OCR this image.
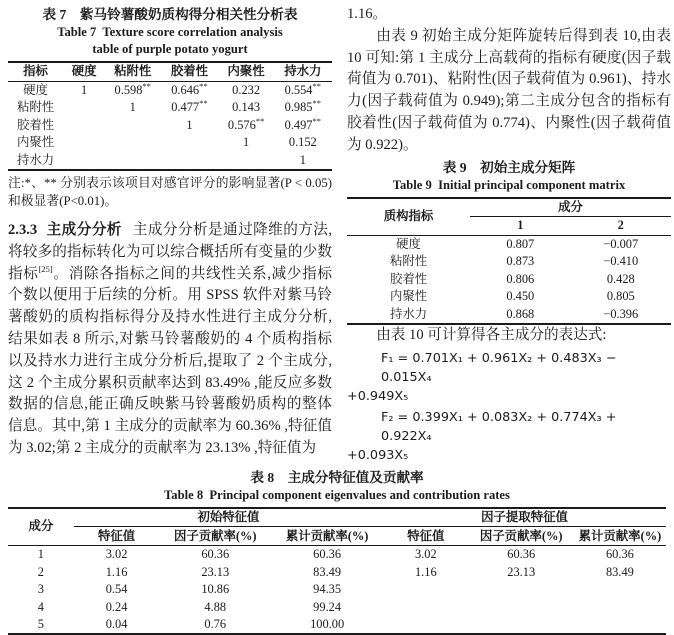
表 7　紫马铃薯酸奶质构得分相关性分析表
Table 7  Texture score correlation analysis
table of purple potato yogurt
指标	硬度	粘附性	胶着性	内聚性	持水力
硬度	1	0.598**	0.646**	0.232	0.554**
粘附性		1	0.477**	0.143	0.985**
胶着性			1	0.576**	0.497**
内聚性				1	0.152
持水力					1

注:*、** 分别表示该项目对感官评分的影响显著(P < 0.05)和极显著(P<0.01)。

2.3.3 主成分分析 主成分分析是通过降维的方法,将较多的指标转化为可以综合概括所有变量的少数指标[25]。消除各指标之间的共线性关系,减少指标个数以便用于后续的分析。用 SPSS 软件对紫马铃薯酸奶的质构指标得分及持水性进行主成分分析,结果如表 8 所示,对紫马铃薯酸奶的 4 个质构指标以及持水力进行主成分分析后,提取了 2 个主成分,这 2 个主成分累积贡献率达到 83.49% ,能反应多数数据的信息,能正确反映紫马铃薯酸奶质构的整体信息。其中,第 1 主成分的贡献率为 60.36% ,特征值为 3.02;第 2 主成分的贡献率为 23.13% ,特征值为

1.16。

由表 9 初始主成分矩阵旋转后得到表 10,由表 10 可知:第 1 主成分上高载荷的指标有硬度(因子载荷值为 0.701)、粘附性(因子载荷值为 0.961)、持水力(因子载荷值为 0.949);第二主成分包含的指标有胶着性(因子载荷值为 0.774)、内聚性(因子载荷值为 0.922)。

表 9　初始主成分矩阵
Table 9  Initial principal component matrix
质构指标	成分	
	1	2
硬度	0.807	−0.007
粘附性	0.873	−0.410
胶着性	0.806	0.428
内聚性	0.450	0.805
持水力	0.868	−0.396

由表 10 可计算得各主成分的表达式:

F₁ = 0.701X₁ + 0.961X₂ + 0.483X₃ − 0.015X₄
+0.949X₅
F₂ = 0.399X₁ + 0.083X₂ + 0.774X₃ + 0.922X₄
+0.093X₅
表 8　主成分特征值及贡献率
Table 8  Principal component eigenvalues and contribution rates
成分	初始特征值			因子提取特征值		
	特征值	因子贡献率(%)	累计贡献率(%)	特征值	因子贡献率(%)	累计贡献率(%)
1	3.02	60.36	60.36	3.02	60.36	60.36
2	1.16	23.13	83.49	1.16	23.13	83.49
3	0.54	10.86	94.35			
4	0.24	4.88	99.24			
5	0.04	0.76	100.00			
